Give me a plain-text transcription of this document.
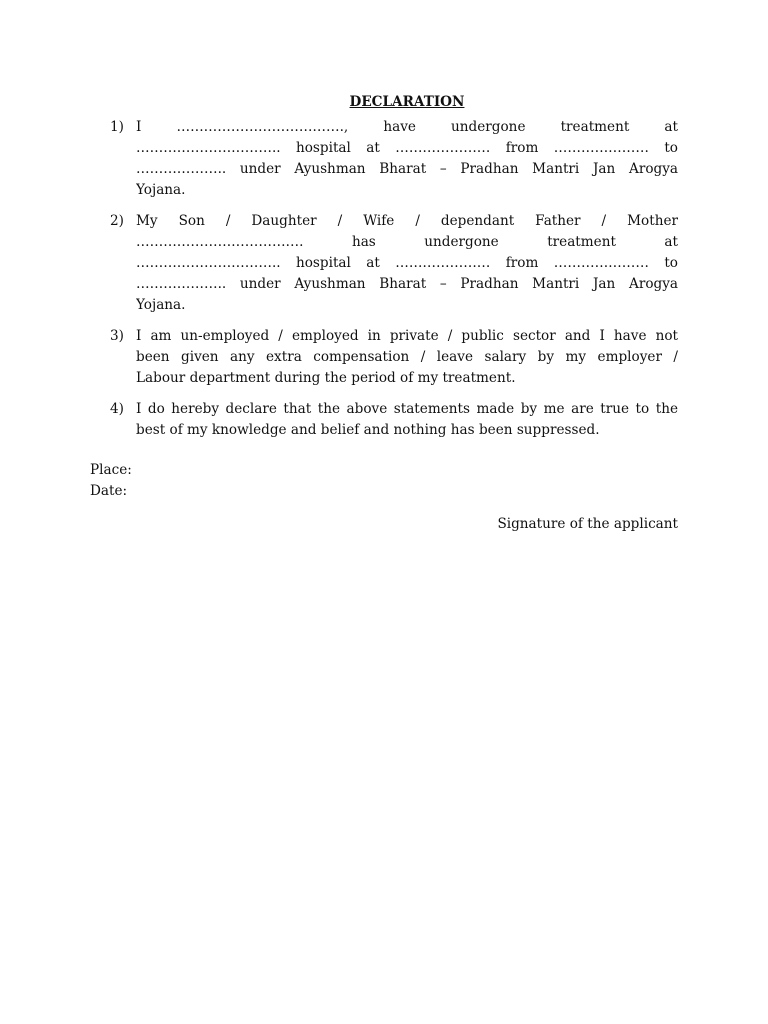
DECLARATION
1) I ………………………………., have undergone treatment at
………………………….. hospital at ………………… from ………………… to
……………….. under Ayushman Bharat – Pradhan Mantri Jan Arogya
Yojana.
2) My Son / Daughter / Wife / dependant Father / Mother
………………………………. has undergone treatment at
………………………….. hospital at ………………… from ………………… to
……………….. under Ayushman Bharat – Pradhan Mantri Jan Arogya
Yojana.
3) I am un-employed / employed in private / public sector and I have not
been given any extra compensation / leave salary by my employer /
Labour department during the period of my treatment.
4) I do hereby declare that the above statements made by me are true to the
best of my knowledge and belief and nothing has been suppressed.
Place:
Date:
Signature of the applicant
